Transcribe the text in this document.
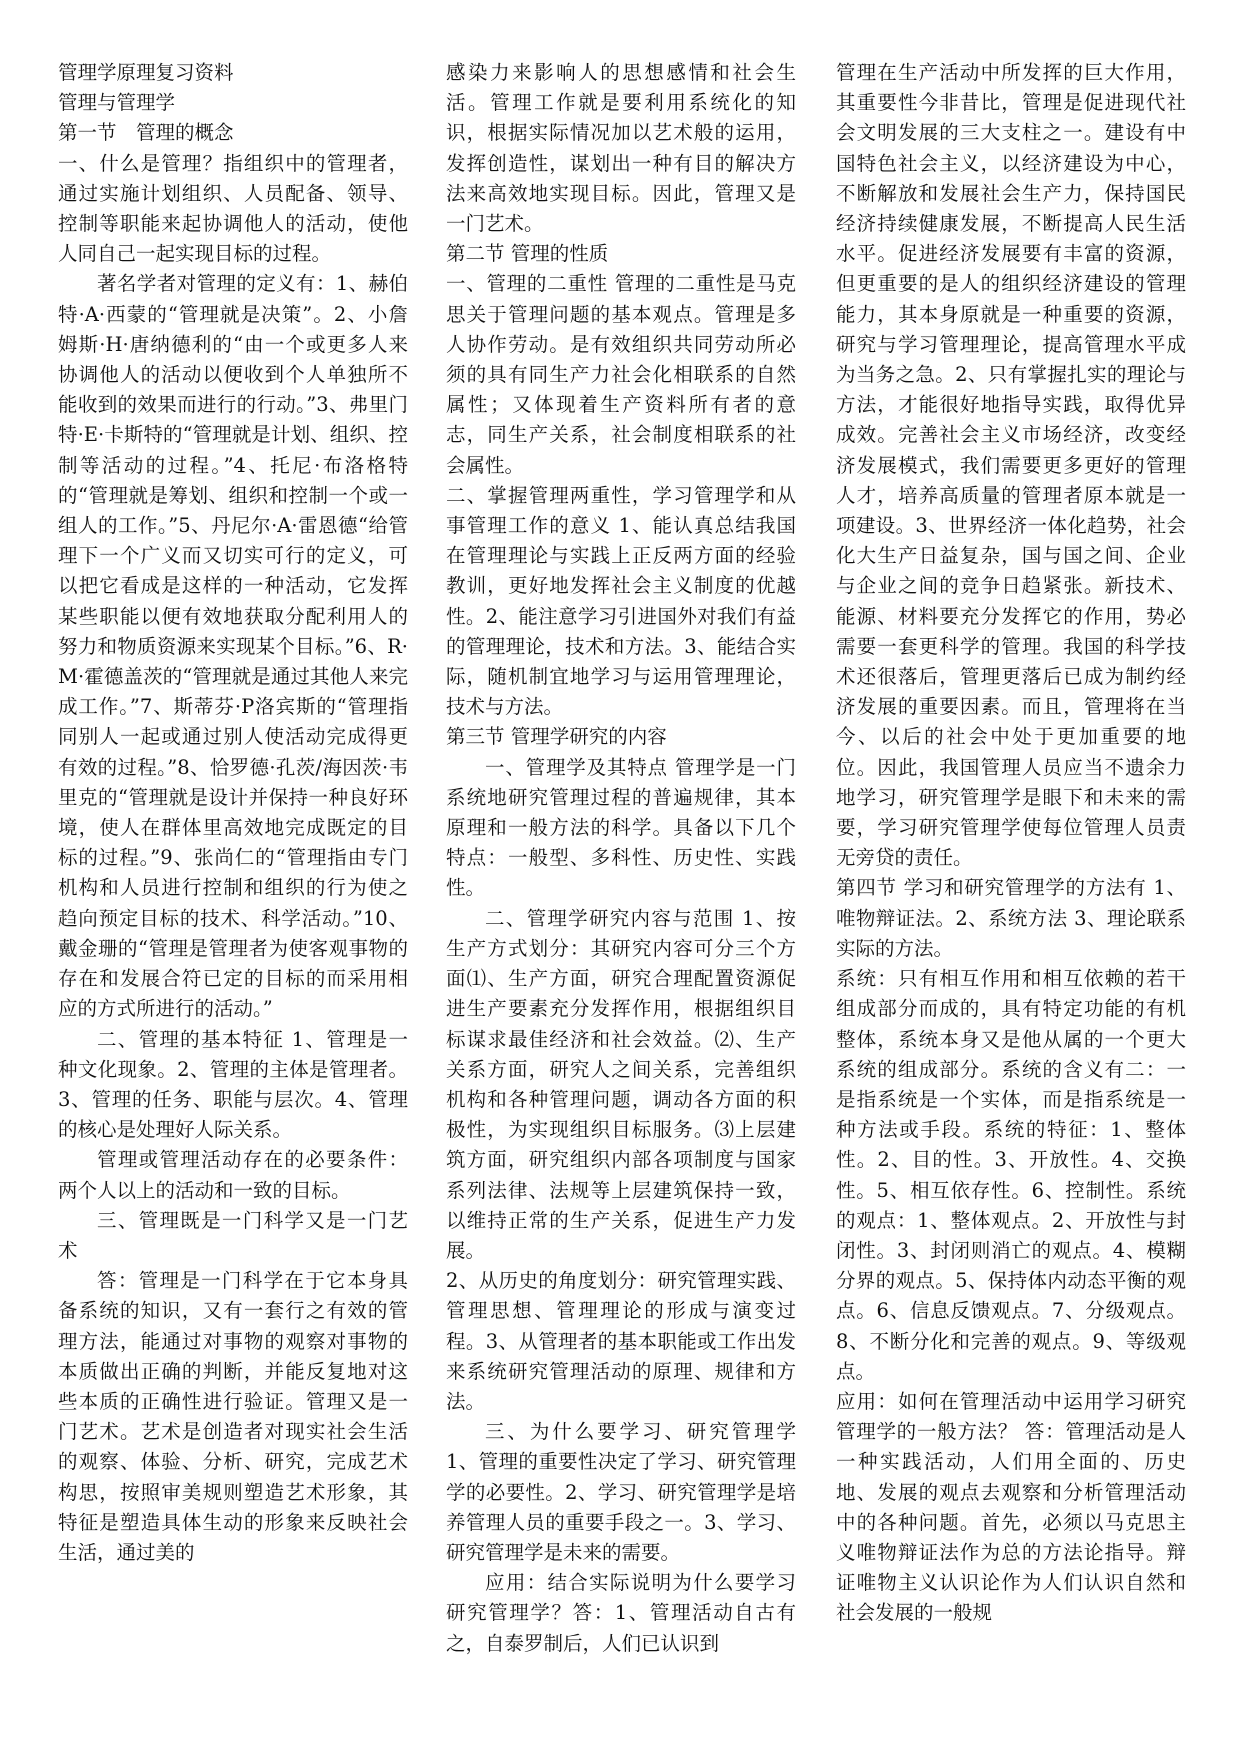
管理学原理复习资料

管理与管理学

第一节　管理的概念

一、什么是管理？指组织中的管理者，通过实施计划组织、人员配备、领导、控制等职能来起协调他人的活动，使他人同自己一起实现目标的过程。

著名学者对管理的定义有：1、赫伯特·A·西蒙的“管理就是决策”。2、小詹姆斯·H·唐纳德利的“由一个或更多人来协调他人的活动以便收到个人单独所不能收到的效果而进行的行动。”3、弗里门特·E·卡斯特的“管理就是计划、组织、控制等活动的过程。”4、托尼·布洛格特的“管理就是筹划、组织和控制一个或一组人的工作。”5、丹尼尔·A·雷恩德“给管理下一个广义而又切实可行的定义，可以把它看成是这样的一种活动，它发挥某些职能以便有效地获取分配利用人的努力和物质资源来实现某个目标。”6、R·M·霍德盖茨的“管理就是通过其他人来完成工作。”7、斯蒂芬·P洛宾斯的“管理指同别人一起或通过别人使活动完成得更有效的过程。”8、恰罗德·孔茨/海因茨·韦里克的“管理就是设计并保持一种良好环境，使人在群体里高效地完成既定的目标的过程。”9、张尚仁的“管理指由专门机构和人员进行控制和组织的行为使之趋向预定目标的技术、科学活动。”10、戴金珊的“管理是管理者为使客观事物的存在和发展合符已定的目标的而采用相应的方式所进行的活动。”

二、管理的基本特征 1、管理是一种文化现象。2、管理的主体是管理者。3、管理的任务、职能与层次。4、管理的核心是处理好人际关系。

管理或管理活动存在的必要条件：两个人以上的活动和一致的目标。

三、管理既是一门科学又是一门艺术

答：管理是一门科学在于它本身具备系统的知识，又有一套行之有效的管理方法，能通过对事物的观察对事物的本质做出正确的判断，并能反复地对这些本质的正确性进行验证。管理又是一门艺术。艺术是创造者对现实社会生活的观察、体验、分析、研究，完成艺术构思，按照审美规则塑造艺术形象，其特征是塑造具体生动的形象来反映社会生活，通过美的

感染力来影响人的思想感情和社会生活。管理工作就是要利用系统化的知识，根据实际情况加以艺术般的运用，发挥创造性，谋划出一种有目的解决方法来高效地实现目标。因此，管理又是一门艺术。

第二节 管理的性质

一、管理的二重性 管理的二重性是马克思关于管理问题的基本观点。管理是多人协作劳动。是有效组织共同劳动所必须的具有同生产力社会化相联系的自然属性；又体现着生产资料所有者的意志，同生产关系，社会制度相联系的社会属性。

二、掌握管理两重性，学习管理学和从事管理工作的意义 1、能认真总结我国在管理理论与实践上正反两方面的经验教训，更好地发挥社会主义制度的优越性。2、能注意学习引进国外对我们有益的管理理论，技术和方法。3、能结合实际，随机制宜地学习与运用管理理论，技术与方法。

第三节 管理学研究的内容

一、管理学及其特点 管理学是一门系统地研究管理过程的普遍规律，其本原理和一般方法的科学。具备以下几个特点：一般型、多科性、历史性、实践性。

二、管理学研究内容与范围 1、按生产方式划分：其研究内容可分三个方面⑴、生产方面，研究合理配置资源促进生产要素充分发挥作用，根据组织目标谋求最佳经济和社会效益。⑵、生产关系方面，研究人之间关系，完善组织机构和各种管理问题，调动各方面的积极性，为实现组织目标服务。⑶上层建筑方面，研究组织内部各项制度与国家系列法律、法规等上层建筑保持一致，以维持正常的生产关系，促进生产力发展。

2、从历史的角度划分：研究管理实践、管理思想、管理理论的形成与演变过程。3、从管理者的基本职能或工作出发来系统研究管理活动的原理、规律和方法。

三、为什么要学习、研究管理学 1、管理的重要性决定了学习、研究管理学的必要性。2、学习、研究管理学是培养管理人员的重要手段之一。3、学习、研究管理学是未来的需要。

应用：结合实际说明为什么要学习研究管理学？答：1、管理活动自古有之，自泰罗制后，人们已认识到

管理在生产活动中所发挥的巨大作用，其重要性今非昔比，管理是促进现代社会文明发展的三大支柱之一。建设有中国特色社会主义，以经济建设为中心，不断解放和发展社会生产力，保持国民经济持续健康发展，不断提高人民生活水平。促进经济发展要有丰富的资源，但更重要的是人的组织经济建设的管理能力，其本身原就是一种重要的资源，研究与学习管理理论，提高管理水平成为当务之急。2、只有掌握扎实的理论与方法，才能很好地指导实践，取得优异成效。完善社会主义市场经济，改变经济发展模式，我们需要更多更好的管理人才，培养高质量的管理者原本就是一项建设。3、世界经济一体化趋势，社会化大生产日益复杂，国与国之间、企业与企业之间的竞争日趋紧张。新技术、能源、材料要充分发挥它的作用，势必需要一套更科学的管理。我国的科学技术还很落后，管理更落后已成为制约经济发展的重要因素。而且，管理将在当今、以后的社会中处于更加重要的地位。因此，我国管理人员应当不遗余力地学习，研究管理学是眼下和未来的需要，学习研究管理学使每位管理人员责无旁贷的责任。

第四节 学习和研究管理学的方法有 1、唯物辩证法。2、系统方法 3、理论联系实际的方法。

系统：只有相互作用和相互依赖的若干组成部分而成的，具有特定功能的有机整体，系统本身又是他从属的一个更大系统的组成部分。系统的含义有二：一是指系统是一个实体，而是指系统是一种方法或手段。系统的特征：1、整体性。2、目的性。3、开放性。4、交换性。5、相互依存性。6、控制性。系统的观点：1、整体观点。2、开放性与封闭性。3、封闭则消亡的观点。4、模糊分界的观点。5、保持体内动态平衡的观点。6、信息反馈观点。7、分级观点。8、不断分化和完善的观点。9、等级观点。

应用：如何在管理活动中运用学习研究管理学的一般方法？ 答：管理活动是人一种实践活动，人们用全面的、历史地、发展的观点去观察和分析管理活动中的各种问题。首先，必须以马克思主义唯物辩证法作为总的方法论指导。辩证唯物主义认识论作为人们认识自然和社会发展的一般规
